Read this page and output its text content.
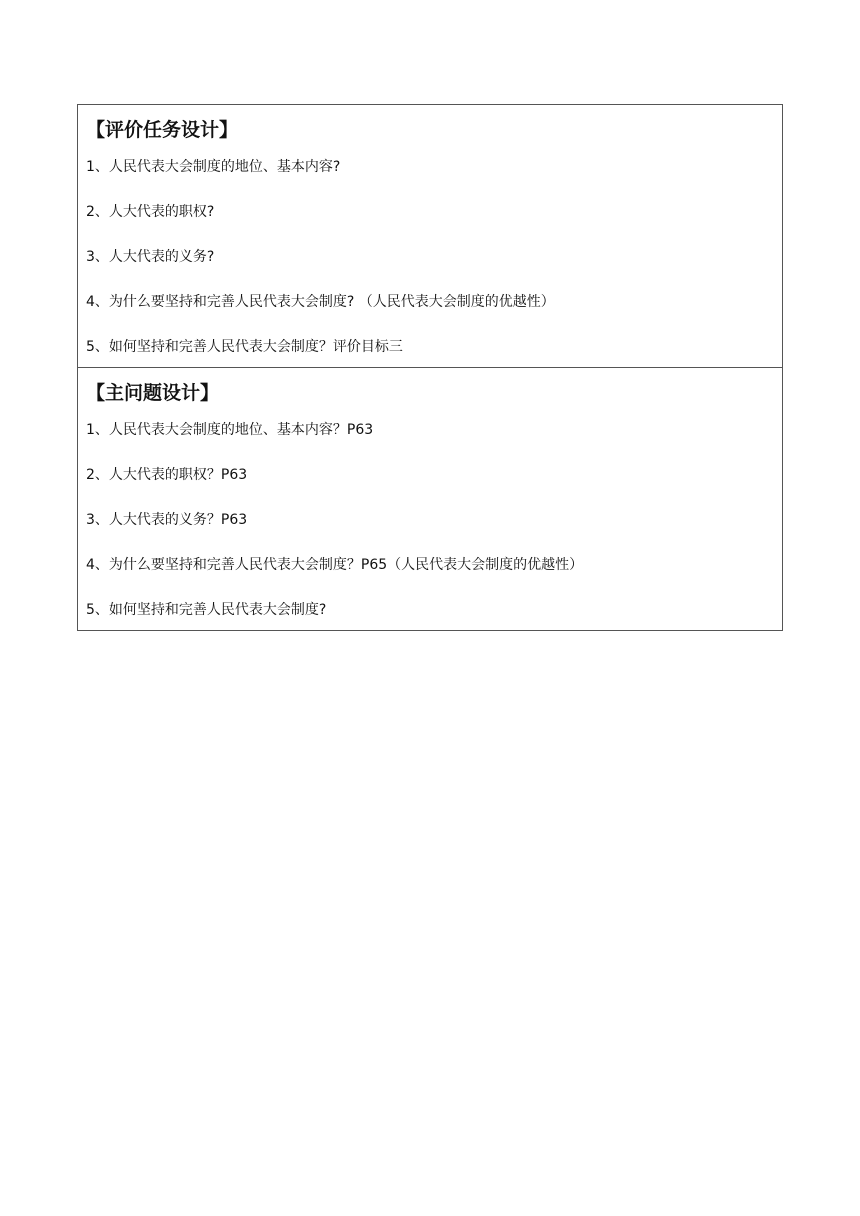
【评价任务设计】
1、人民代表大会制度的地位、基本内容?
2、人大代表的职权?
3、人大代表的义务?
4、为什么要坚持和完善人民代表大会制度? （人民代表大会制度的优越性）
5、如何坚持和完善人民代表大会制度？评价目标三
【主问题设计】
1、人民代表大会制度的地位、基本内容？P63
2、人大代表的职权？P63
3、人大代表的义务？P63
4、为什么要坚持和完善人民代表大会制度？P65（人民代表大会制度的优越性）
5、如何坚持和完善人民代表大会制度?
